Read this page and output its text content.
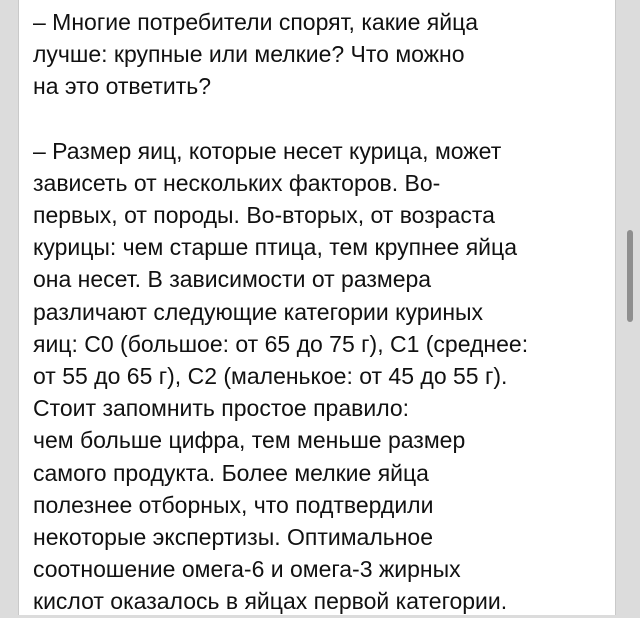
– Многие потребители спорят, какие яйца
лучше: крупные или мелкие? Что можно
на это ответить?

– Размер яиц, которые несет курица, может
зависеть от нескольких факторов. Во-
первых, от породы. Во-вторых, от возраста
курицы: чем старше птица, тем крупнее яйца
она несет. В зависимости от размера
различают следующие категории куриных
яиц: С0 (большое: от 65 до 75 г), С1 (среднее:
от 55 до 65 г), С2 (маленькое: от 45 до 55 г).
Стоит запомнить простое правило:
чем больше цифра, тем меньше размер
самого продукта. Более мелкие яйца
полезнее отборных, что подтвердили
некоторые экспертизы. Оптимальное
соотношение омега-6 и омега-3 жирных
кислот оказалось в яйцах первой категории.
